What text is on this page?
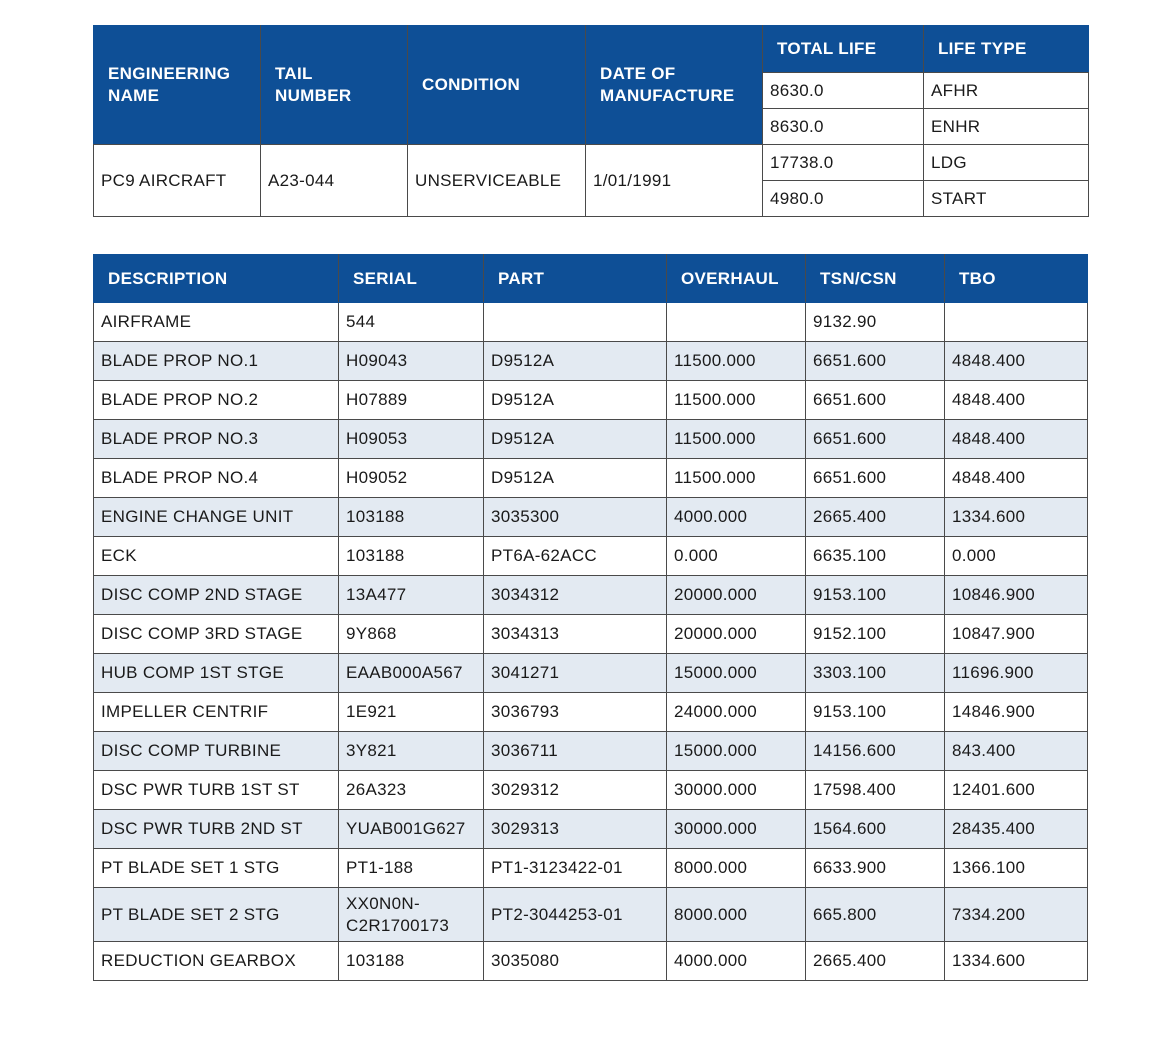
ENGINEERING NAME	TAIL NUMBER	CONDITION	DATE OF MANUFACTURE	TOTAL LIFE	LIFE TYPE
				8630.0	AFHR
				8630.0	ENHR
PC9 AIRCRAFT	A23-044	UNSERVICEABLE	1/01/1991	17738.0	LDG
				4980.0	START
DESCRIPTION	SERIAL	PART	OVERHAUL	TSN/CSN	TBO
AIRFRAME	544			9132.90	
BLADE PROP NO.1	H09043	D9512A	11500.000	6651.600	4848.400
BLADE PROP NO.2	H07889	D9512A	11500.000	6651.600	4848.400
BLADE PROP NO.3	H09053	D9512A	11500.000	6651.600	4848.400
BLADE PROP NO.4	H09052	D9512A	11500.000	6651.600	4848.400
ENGINE CHANGE UNIT	103188	3035300	4000.000	2665.400	1334.600
ECK	103188	PT6A-62ACC	0.000	6635.100	0.000
DISC COMP 2ND STAGE	13A477	3034312	20000.000	9153.100	10846.900
DISC COMP 3RD STAGE	9Y868	3034313	20000.000	9152.100	10847.900
HUB COMP 1ST STGE	EAAB000A567	3041271	15000.000	3303.100	11696.900
IMPELLER CENTRIF	1E921	3036793	24000.000	9153.100	14846.900
DISC COMP TURBINE	3Y821	3036711	15000.000	14156.600	843.400
DSC PWR TURB 1ST ST	26A323	3029312	30000.000	17598.400	12401.600
DSC PWR TURB 2ND ST	YUAB001G627	3029313	30000.000	1564.600	28435.400
PT BLADE SET 1 STG	PT1-188	PT1-3123422-01	8000.000	6633.900	1366.100
PT BLADE SET 2 STG	XX0N0N-C2R1700173	PT2-3044253-01	8000.000	665.800	7334.200
REDUCTION GEARBOX	103188	3035080	4000.000	2665.400	1334.600
